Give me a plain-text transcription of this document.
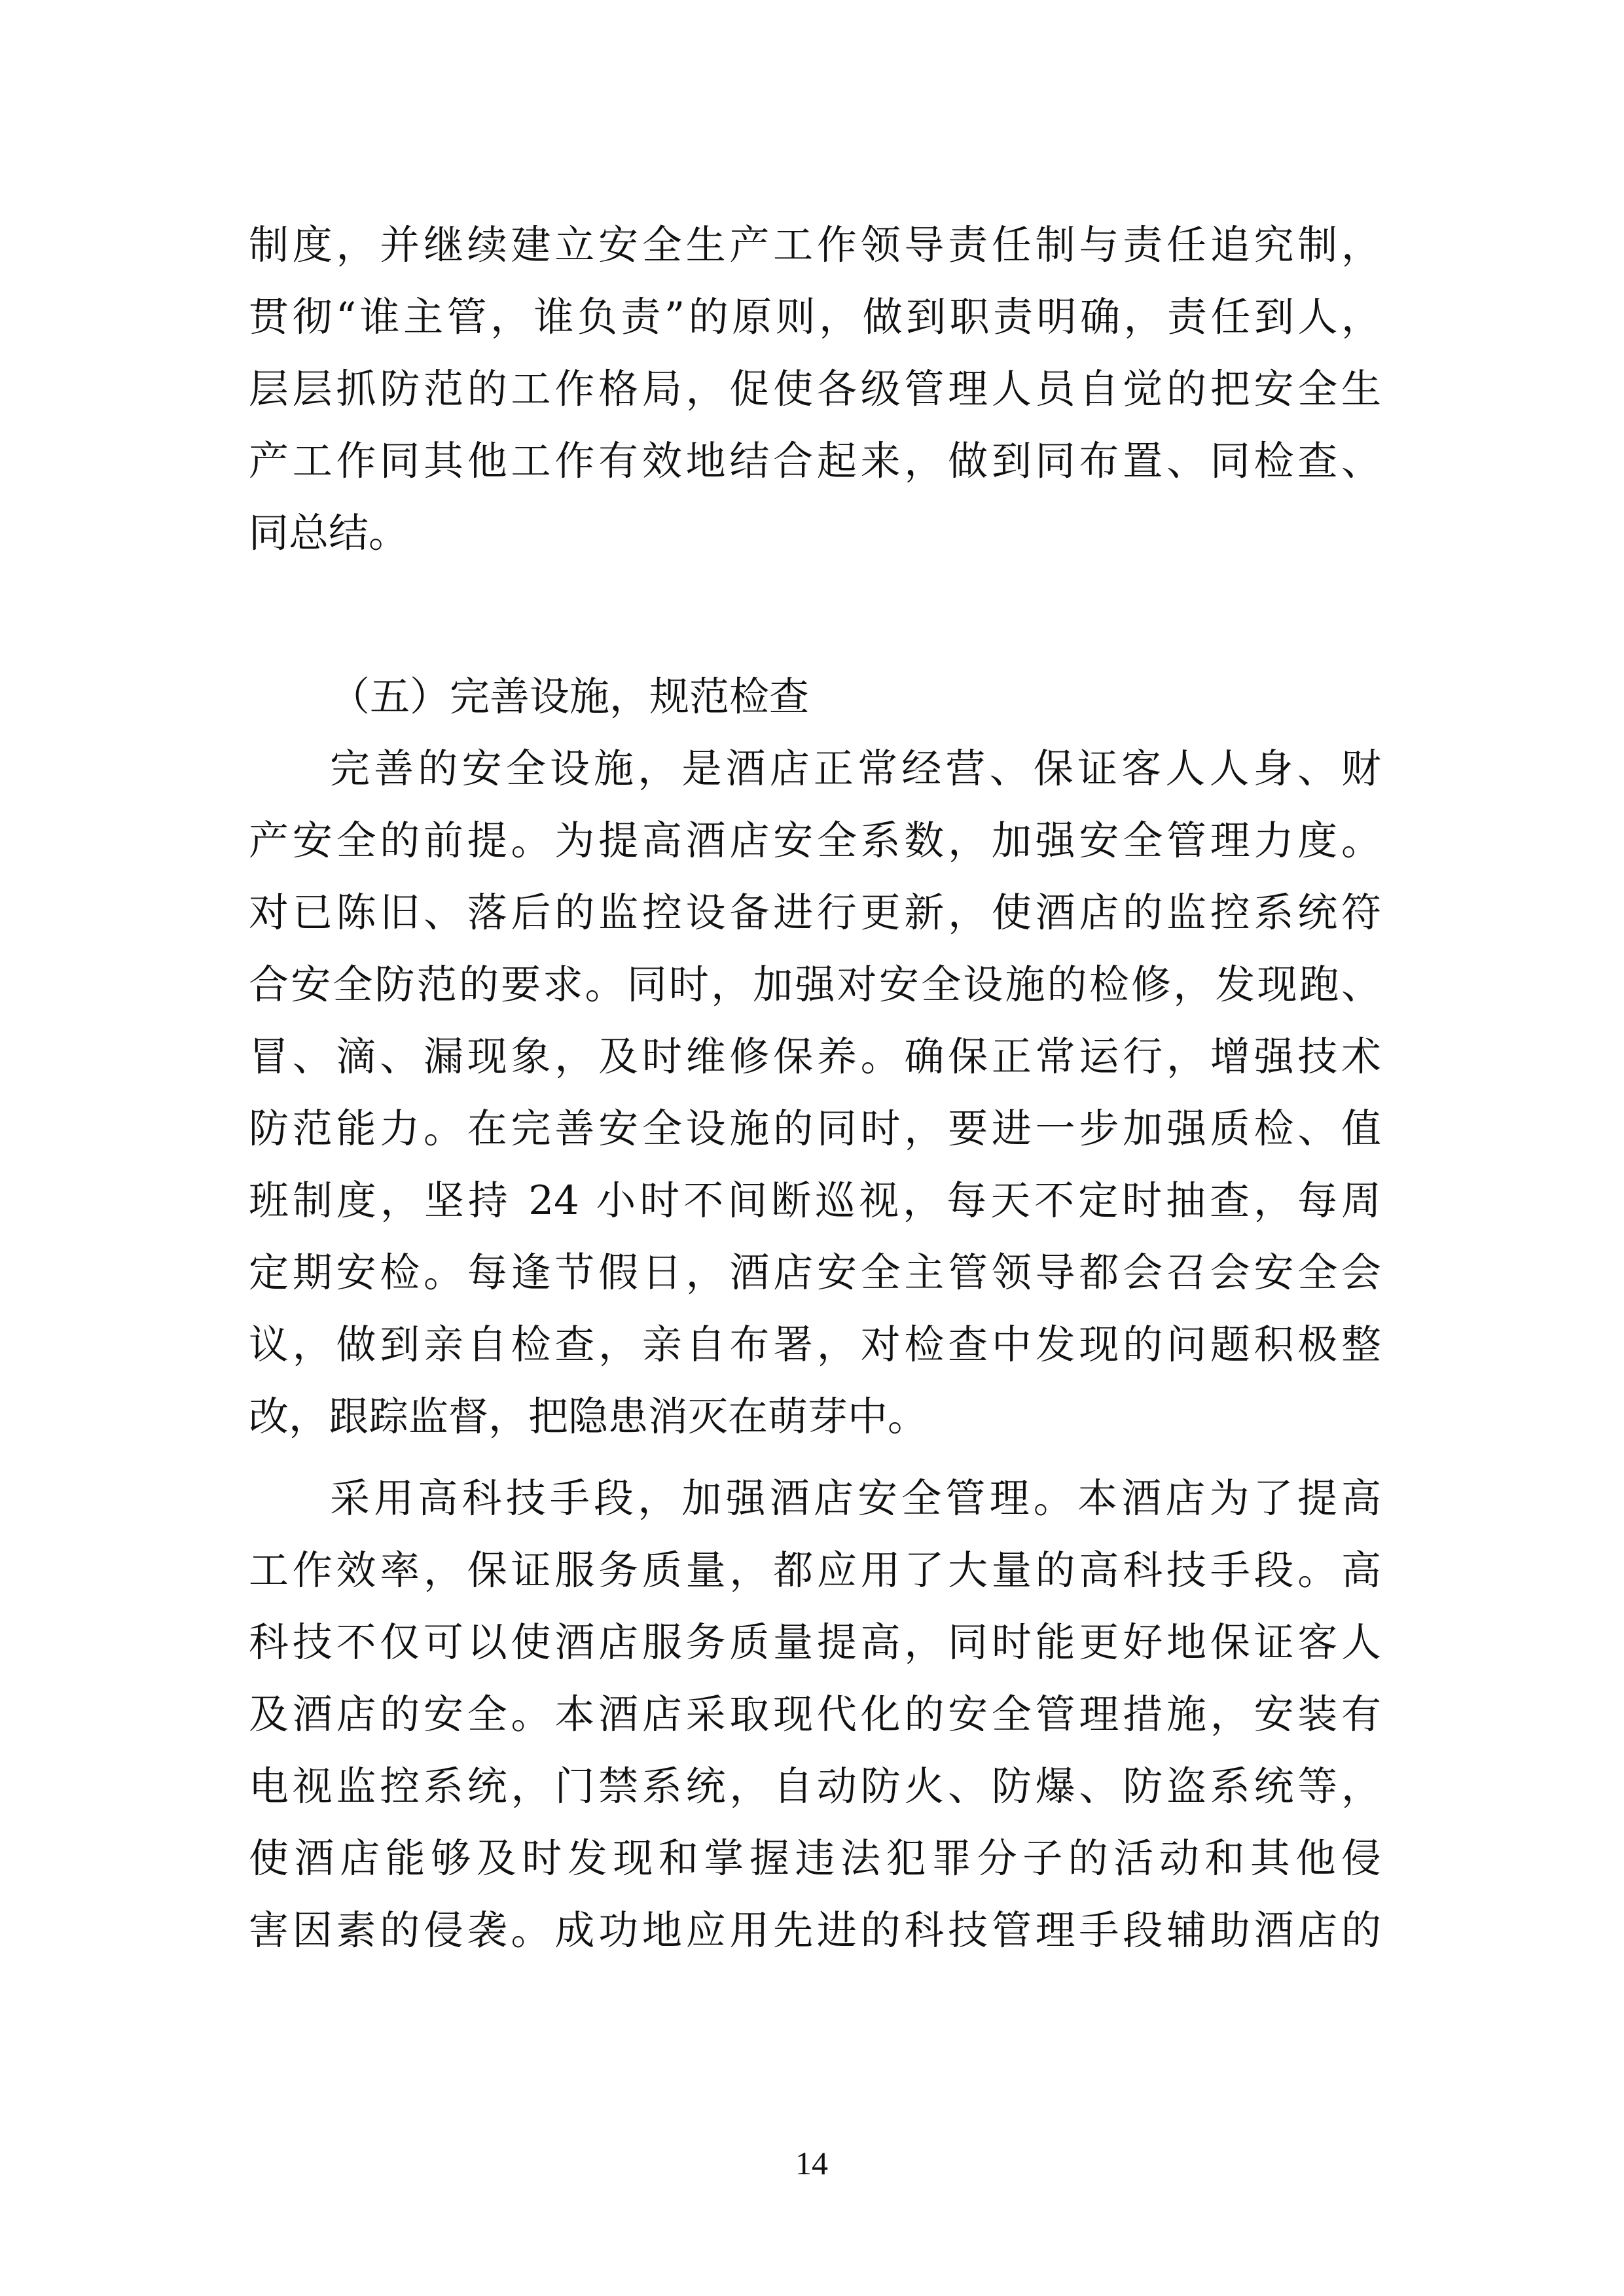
制度，并继续建立安全生产工作领导责任制与责任追究制，
贯彻“谁主管，谁负责”的原则，做到职责明确，责任到人，
层层抓防范的工作格局，促使各级管理人员自觉的把安全生
产工作同其他工作有效地结合起来，做到同布置、同检查、
同总结。
（五）完善设施，规范检查
完善的安全设施，是酒店正常经营、保证客人人身、财
产安全的前提。为提高酒店安全系数，加强安全管理力度。
对已陈旧、落后的监控设备进行更新，使酒店的监控系统符
合安全防范的要求。同时，加强对安全设施的检修，发现跑、
冒、滴、漏现象，及时维修保养。确保正常运行，增强技术
防范能力。在完善安全设施的同时，要进一步加强质检、值
班制度，坚持 24 小时不间断巡视，每天不定时抽查，每周
定期安检。每逢节假日，酒店安全主管领导都会召会安全会
议，做到亲自检查，亲自布署，对检查中发现的问题积极整
改，跟踪监督，把隐患消灭在萌芽中。
采用高科技手段，加强酒店安全管理。本酒店为了提高
工作效率，保证服务质量，都应用了大量的高科技手段。高
科技不仅可以使酒店服务质量提高，同时能更好地保证客人
及酒店的安全。本酒店采取现代化的安全管理措施，安装有
电视监控系统，门禁系统，自动防火、防爆、防盗系统等，
使酒店能够及时发现和掌握违法犯罪分子的活动和其他侵
害因素的侵袭。成功地应用先进的科技管理手段辅助酒店的
14
